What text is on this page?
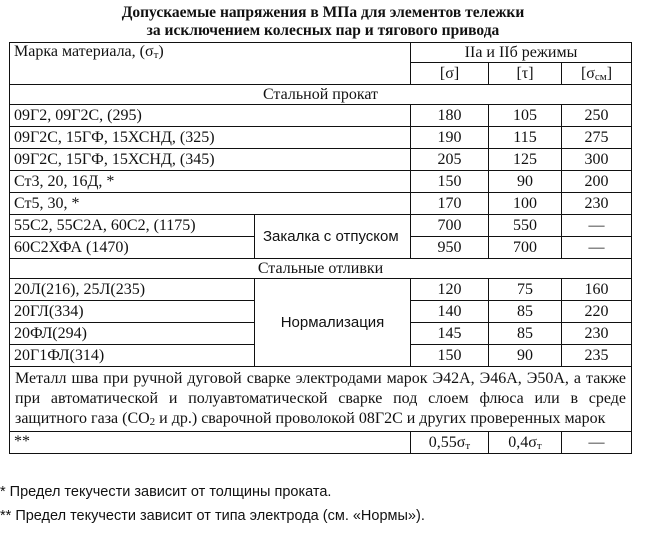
Допускаемые напряжения в МПа для элементов тележки
за исключением колесных пар и тягового привода
Марка материала, $(\sigma_т)$		IIа и IIб режимы		
		[σ]	[τ]	$[\sigma_{см}]$
Стальной прокат				
09Г2, 09Г2С, (295)		180	105	250
09Г2С, 15ГФ, 15ХСНД, (325)		190	115	275
09Г2С, 15ГФ, 15ХСНД, (345)		205	125	300
Ст3, 20, 16Д, *		150	90	200
Ст5, 30, *		170	100	230
55С2, 55С2А, 60С2, (1175)	Закалка с отпуском	700	550	—
60С2ХФА (1470)		950	700	—
Стальные отливки				
20Л(216), 25Л(235)	Нормализация	120	75	160
20ГЛ(334)		140	85	220
20ФЛ(294)		145	85	230
20Г1ФЛ(314)		150	90	235
Металл шва при ручной дуговой сварке электродами марок Э42А, Э46А, Э50А, а также при автоматической и полуавтоматической сварке под слоем флюса или в среде защитного газа ($СО_2$ и др.) сварочной проволокой 08Г2С и других проверенных марок				
**		$0,55\sigma_т$	$0,4\sigma_т$	—
* Предел текучести зависит от толщины проката.
** Предел текучести зависит от типа электрода (см. «Нормы»).
